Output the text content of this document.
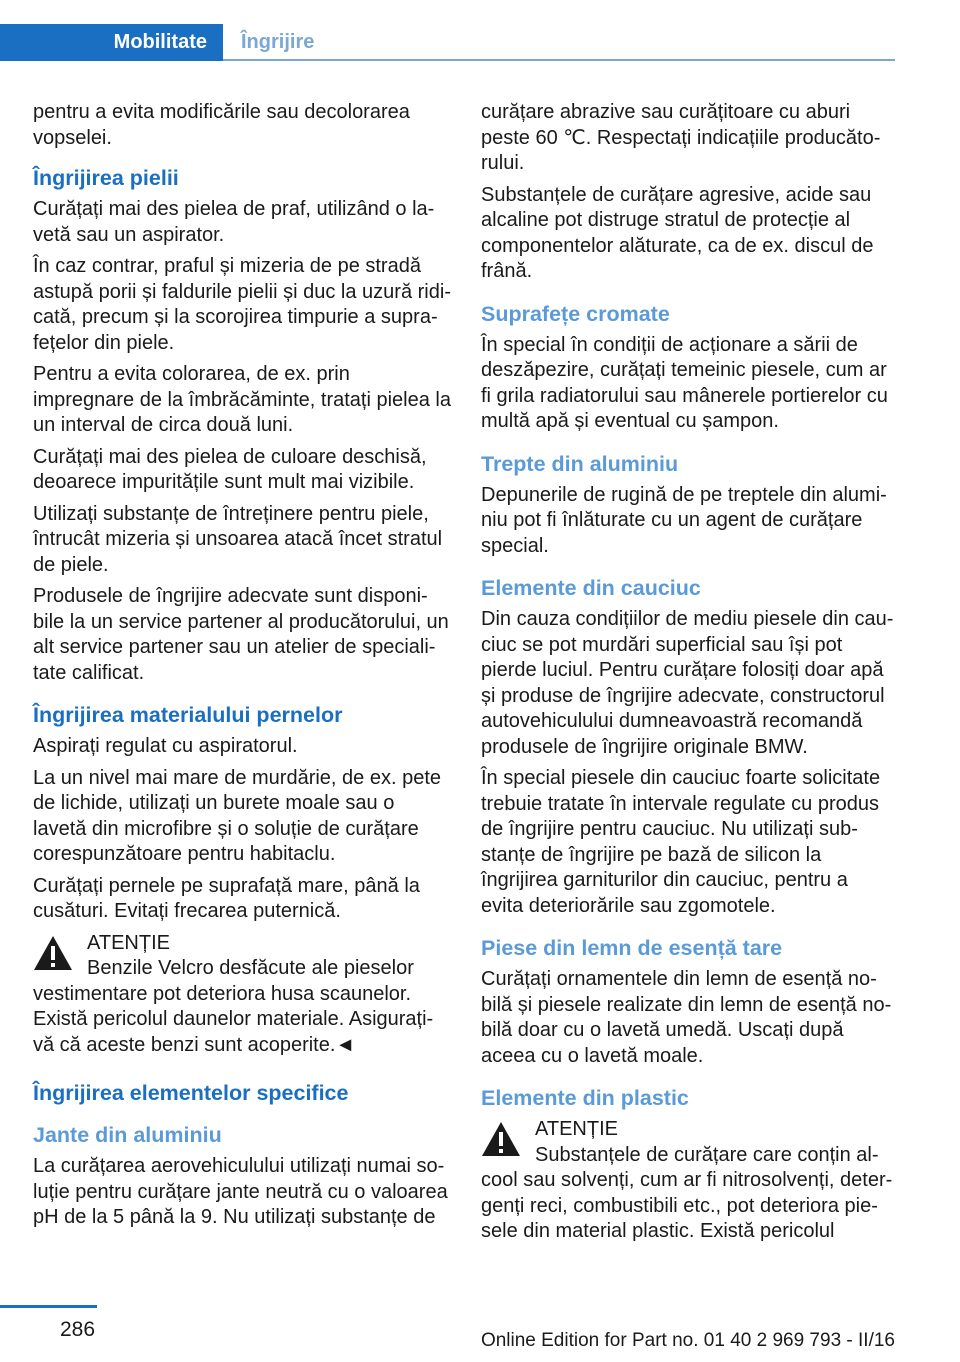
Mobilitate	Îngrijire

pentru a evita modificările sau decolorarea vopselei.

Îngrijirea pielii

Curățați mai des pielea de praf, utilizând o lavetă sau un aspirator.

În caz contrar, praful și mizeria de pe stradă astupă porii și faldurile pielii și duc la uzură ridicată, precum și la scorojirea timpurie a suprafețelor din piele.

Pentru a evita colorarea, de ex. prin impregnare de la îmbrăcăminte, tratați pielea la un interval de circa două luni.

Curățați mai des pielea de culoare deschisă, deoarece impuritățile sunt mult mai vizibile.

Utilizați substanțe de întreținere pentru piele, întrucât mizeria și unsoarea atacă încet stratul de piele.

Produsele de îngrijire adecvate sunt disponibile la un service partener al producătorului, un alt service partener sau un atelier de specialitate calificat.

Îngrijirea materialului pernelor

Aspirați regulat cu aspiratorul.

La un nivel mai mare de murdărie, de ex. pete de lichide, utilizați un burete moale sau o lavetă din microfibre și o soluție de curățare corespunzătoare pentru habitaclu.

Curățați pernele pe suprafață mare, până la cusături. Evitați frecarea puternică.

ATENȚIE
Benzile Velcro desfăcute ale pieselor vestimentare pot deteriora husa scaunelor. Există pericolul daunelor materiale. Asigurați-vă că aceste benzi sunt acoperite.◄
Îngrijirea elementelor specifice
Jante din aluminiu

La curățarea aerovehiculului utilizați numai soluție pentru curățare jante neutră cu o valoarea pH de la 5 până la 9. Nu utilizați substanțe de

curățare abrazive sau curățitoare cu aburi peste 60 ℃. Respectați indicațiile producătorului.

Substanțele de curățare agresive, acide sau alcaline pot distruge stratul de protecție al componentelor alăturate, ca de ex. discul de frână.

Suprafețe cromate

În special în condiții de acționare a sării de deszăpezire, curățați temeinic piesele, cum ar fi grila radiatorului sau mânerele portierelor cu multă apă și eventual cu șampon.

Trepte din aluminiu

Depunerile de rugină de pe treptele din aluminiu pot fi înlăturate cu un agent de curățare special.

Elemente din cauciuc

Din cauza condițiilor de mediu piesele din cauciuc se pot murdări superficial sau își pot pierde luciul. Pentru curățare folosiți doar apă și produse de îngrijire adecvate, constructorul autovehiculului dumneavoastră recomandă produsele de îngrijire originale BMW.

În special piesele din cauciuc foarte solicitate trebuie tratate în intervale regulate cu produs de îngrijire pentru cauciuc. Nu utilizați substanțe de îngrijire pe bază de silicon la îngrijirea garniturilor din cauciuc, pentru a evita deteriorările sau zgomotele.

Piese din lemn de esență tare

Curățați ornamentele din lemn de esență nobilă și piesele realizate din lemn de esență nobilă doar cu o lavetă umedă. Uscați după aceea cu o lavetă moale.

Elemente din plastic
ATENȚIE
Substanțele de curățare care conțin alcool sau solvenți, cum ar fi nitrosolvenți, detergenți reci, combustibili etc., pot deteriora piesele din material plastic. Există pericolul
286	Online Edition for Part no. 01 40 2 969 793 - II/16
